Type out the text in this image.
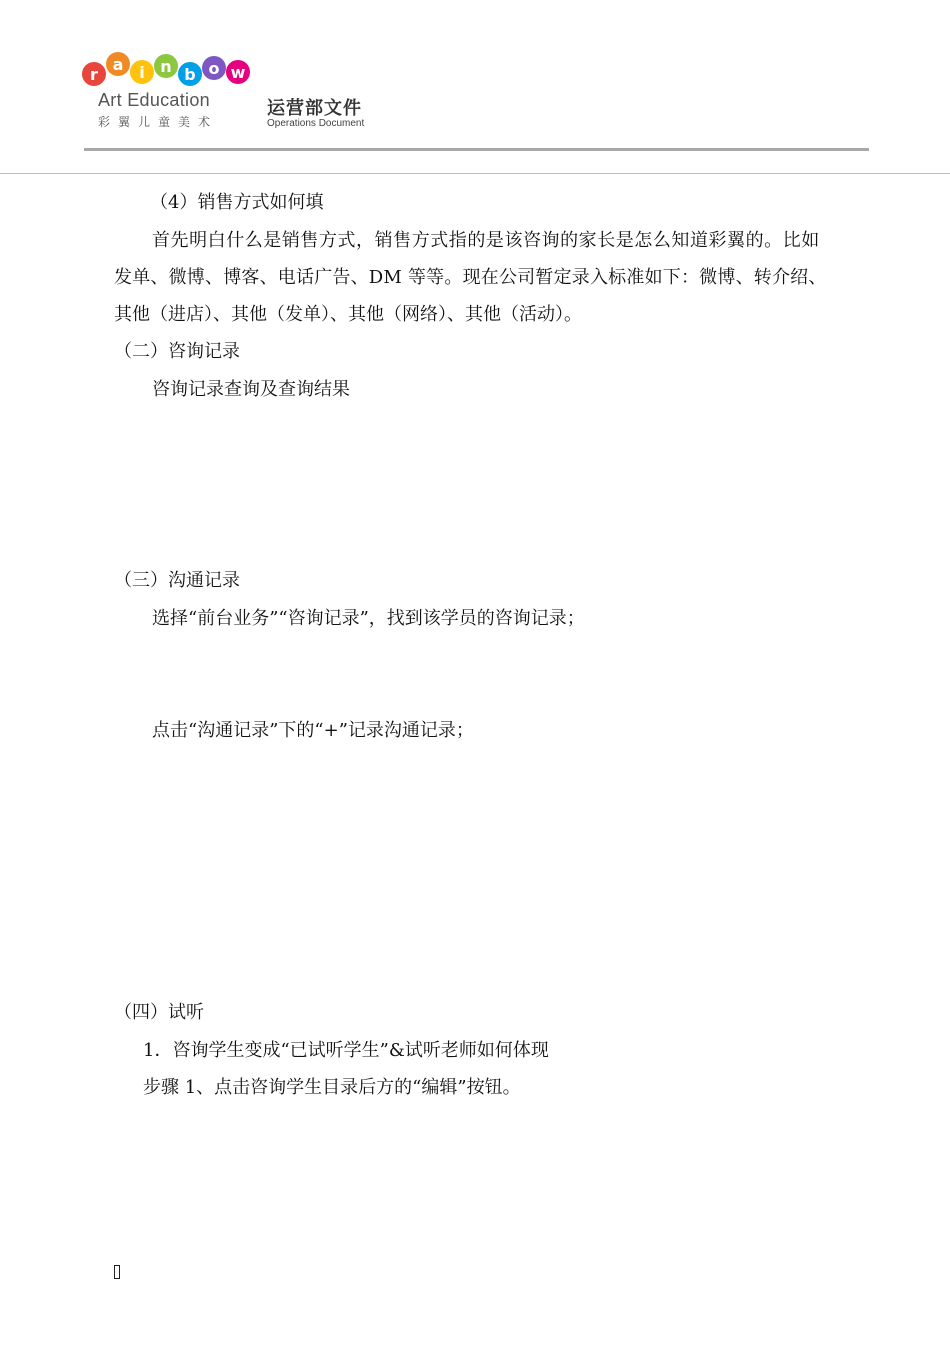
r
a i n b o w
Art Education
彩翼儿童美术
运营部文件
Operations Document
（4）销售方式如何填
首先明白什么是销售方式，销售方式指的是该咨询的家长是怎么知道彩翼的。比如
发单、微博、博客、电话广告、DM 等等。现在公司暂定录入标准如下：微博、转介绍、
其他（进店）、其他（发单）、其他（网络）、其他（活动）。
（二）咨询记录
咨询记录查询及查询结果
（三）沟通记录
选择“前台业务”“咨询记录”，找到该学员的咨询记录；
点击“沟通记录”下的“+”记录沟通记录；
（四）试听
1．咨询学生变成“已试听学生”&试听老师如何体现
步骤 1、点击咨询学生目录后方的“编辑”按钮。
